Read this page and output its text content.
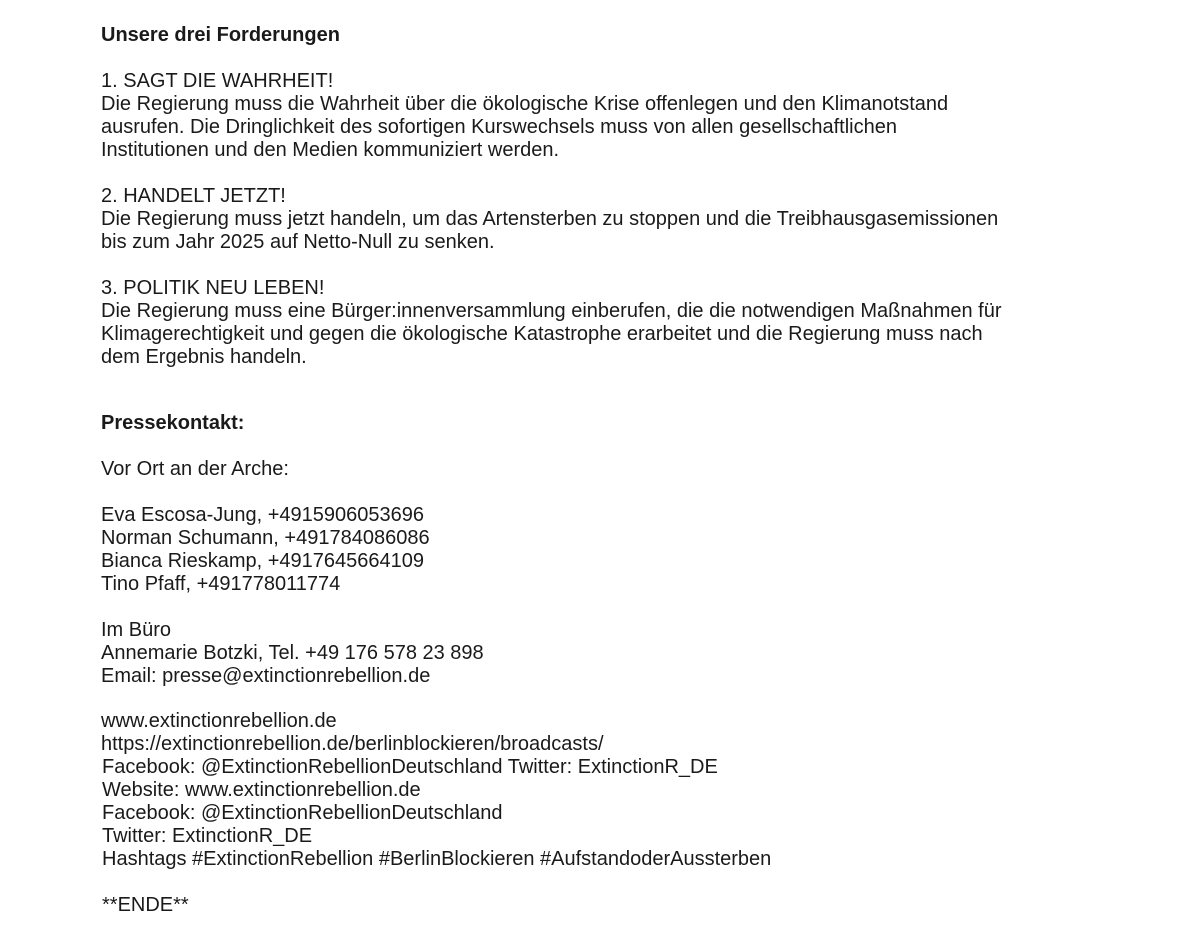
Unsere drei Forderungen
1. SAGT DIE WAHRHEIT!
Die Regierung muss die Wahrheit über die ökologische Krise offenlegen und den Klimanotstand
ausrufen. Die Dringlichkeit des sofortigen Kurswechsels muss von allen gesellschaftlichen
Institutionen und den Medien kommuniziert werden.
2. HANDELT JETZT!
Die Regierung muss jetzt handeln, um das Artensterben zu stoppen und die Treibhausgasemissionen
bis zum Jahr 2025 auf Netto-Null zu senken.
3. POLITIK NEU LEBEN!
Die Regierung muss eine Bürger:innenversammlung einberufen, die die notwendigen Maßnahmen für
Klimagerechtigkeit und gegen die ökologische Katastrophe erarbeitet und die Regierung muss nach
dem Ergebnis handeln.
Pressekontakt:
Vor Ort an der Arche:
Eva Escosa-Jung, +4915906053696
Norman Schumann, +491784086086
Bianca Rieskamp, +4917645664109
Tino Pfaff, +491778011774
Im Büro
Annemarie Botzki, Tel. +49 176 578 23 898
Email: presse@extinctionrebellion.de
www.extinctionrebellion.de
https://extinctionrebellion.de/berlinblockieren/broadcasts/
Facebook: @ExtinctionRebellionDeutschland Twitter: ExtinctionR_DE
Website: www.extinctionrebellion.de
Facebook: @ExtinctionRebellionDeutschland
Twitter: ExtinctionR_DE
Hashtags #ExtinctionRebellion #BerlinBlockieren #AufstandoderAussterben
**ENDE**
